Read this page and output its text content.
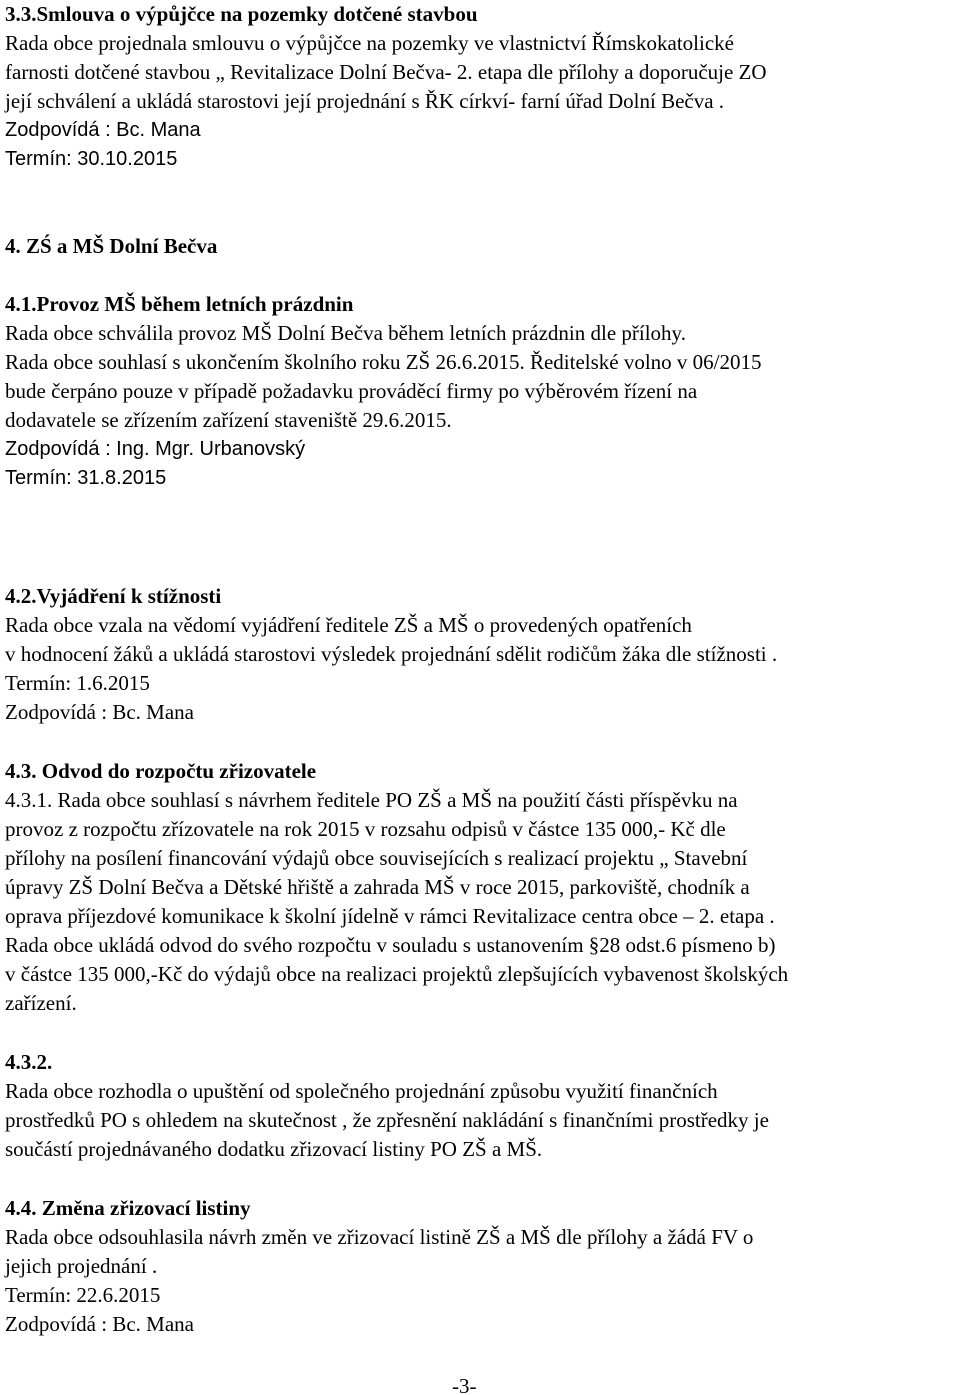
3.3.Smlouva o výpůjčce na pozemky dotčené stavbou
Rada obce projednala smlouvu o výpůjčce na pozemky ve vlastnictví Římskokatolické
farnosti dotčené stavbou „ Revitalizace Dolní Bečva- 2. etapa dle přílohy a doporučuje ZO
její schválení a ukládá starostovi její projednání s ŘK církví- farní úřad Dolní Bečva .
Zodpovídá : Bc. Mana
Termín: 30.10.2015
4. ZŚ a MŠ Dolní Bečva
4.1.Provoz MŠ během letních prázdnin
Rada obce schválila provoz MŠ Dolní Bečva během letních prázdnin dle přílohy.
Rada obce souhlasí s ukončením školního roku ZŠ 26.6.2015. Ředitelské volno v 06/2015
bude čerpáno pouze v případě požadavku prováděcí firmy po výběrovém řízení na
dodavatele se zřízením zařízení staveniště 29.6.2015.
Zodpovídá : Ing. Mgr. Urbanovský
Termín: 31.8.2015
4.2.Vyjádření k stížnosti
Rada obce vzala na vědomí vyjádření ředitele ZŠ a MŠ o provedených opatřeních
v hodnocení žáků a ukládá starostovi výsledek projednání sdělit rodičům žáka dle stížnosti .
Termín: 1.6.2015
Zodpovídá : Bc. Mana
4.3. Odvod do rozpočtu zřizovatele
4.3.1. Rada obce souhlasí s návrhem ředitele PO ZŠ a MŠ na použití části příspěvku na
provoz z rozpočtu zřízovatele na rok 2015 v rozsahu odpisů v částce 135 000,- Kč dle
přílohy na posílení financování výdajů obce souvisejících s realizací projektu „ Stavební
úpravy ZŠ Dolní Bečva a Dětské hřiště a zahrada MŠ v roce 2015, parkoviště, chodník a
oprava příjezdové komunikace k školní jídelně v rámci Revitalizace centra obce – 2. etapa .
Rada obce ukládá odvod do svého rozpočtu v souladu s ustanovením §28 odst.6 písmeno b)
v částce 135 000,-Kč do výdajů obce na realizaci projektů zlepšujících vybavenost školských
zařízení.
4.3.2.
Rada obce rozhodla o upuštění od společného projednání způsobu využití finančních
prostředků PO s ohledem na skutečnost , že zpřesnění nakládání s finančními prostředky je
součástí projednávaného dodatku zřizovací listiny PO ZŠ a MŠ.
4.4. Změna zřizovací listiny
Rada obce odsouhlasila návrh změn ve zřizovací listině ZŠ a MŠ dle přílohy a žádá FV o
jejich projednání .
Termín: 22.6.2015
Zodpovídá : Bc. Mana
-3-
